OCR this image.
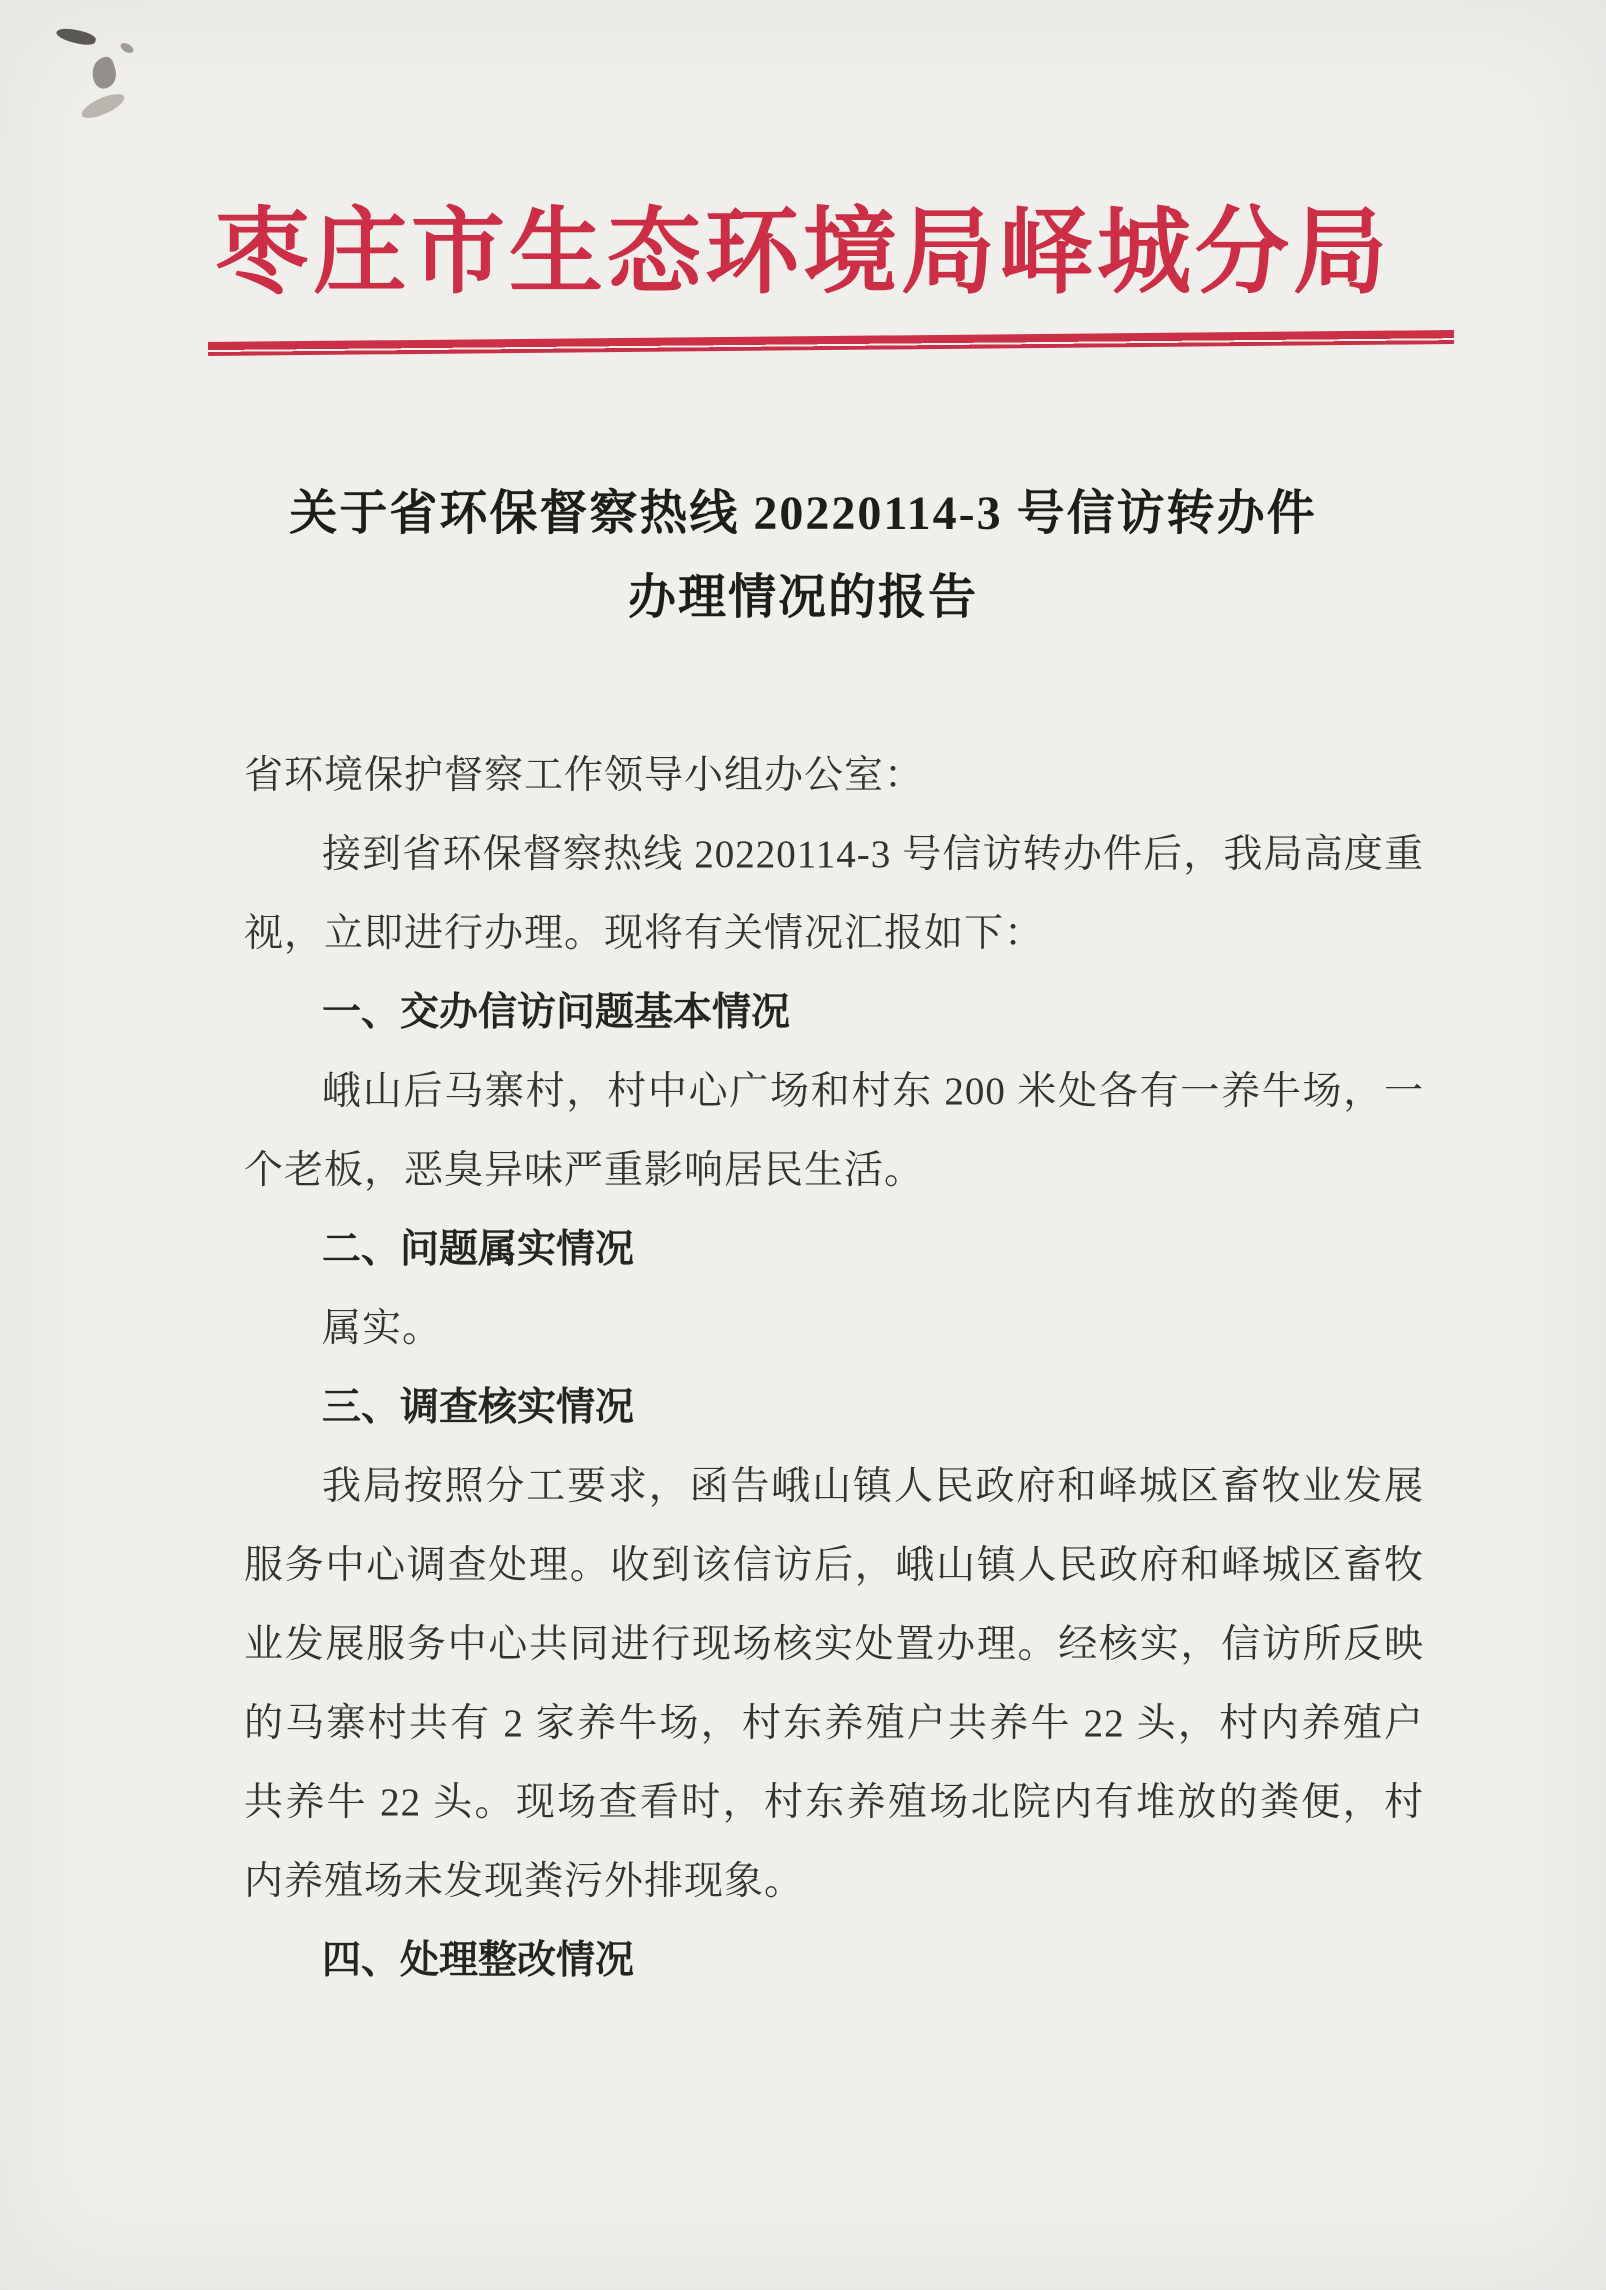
枣庄市生态环境局峄城分局
关于省环保督察热线 20220114-3 号信访转办件
办理情况的报告

省环境保护督察工作领导小组办公室：

接到省环保督察热线 20220114-3 号信访转办件后，我局高度重视，立即进行办理。现将有关情况汇报如下：

一、交办信访问题基本情况

峨山后马寨村，村中心广场和村东 200 米处各有一养牛场，一个老板，恶臭异味严重影响居民生活。

二、问题属实情况

属实。

三、调查核实情况

我局按照分工要求，函告峨山镇人民政府和峄城区畜牧业发展服务中心调查处理。收到该信访后，峨山镇人民政府和峄城区畜牧业发展服务中心共同进行现场核实处置办理。经核实，信访所反映的马寨村共有 2 家养牛场，村东养殖户共养牛 22 头，村内养殖户共养牛 22 头。现场查看时，村东养殖场北院内有堆放的粪便，村内养殖场未发现粪污外排现象。

四、处理整改情况
